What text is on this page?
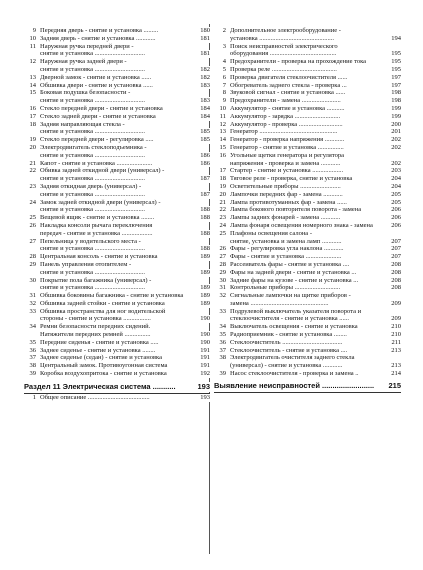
9 Передняя дверь - снятие и установка .........	180
10 Задняя дверь - снятие и установка ............	181
11 Наружная ручка передней двери -
снятие и установка ...............................	181
12 Наружная ручка задней двери -
снятие и установка ...............................	182
13 Дверной замок - снятие и установка ......	182
14 Обшивка двери - снятие и установка ......	183
15 Боковая подушка безопасности -
снятие и установка ...............................	183
16 Стекло передней двери - снятие и установка	184
17 Стекло задней двери - снятие и установка	184
18 Задняя направляющая стекла -
снятие и установка ...............................	185
19 Стекло передней двери - регулировка .....	185
20 Электродвигатель стеклоподъемника -
снятие и установка ...............................	186
21 Капот - снятие и установка ......................	186
22 Обивка задней откидной двери (универсал) -
снятие и установка ...............................	187
23 Задняя откидная дверь (универсал) -
снятие и установка ...............................	187
24 Замок задней откидной двери (универсал) -
снятие и установка ...............................	188
25 Вещевой ящик - снятие и установка ........	188
26 Накладка консоли рычага переключения
передач - снятие и установка ...................	188
27 Пепельница у водительского места -
снятие и установка ...............................	188
28 Центральная консоль - снятие и установка	189
29 Панель управления отопителем -
снятие и установка ...............................	189
30 Покрытие пола багажника (универсал) -
снятие и установка ...............................	189
31 Обшивка боковины багажника - снятие и установка	189
32 Обшивка задней стойки - снятие и установка	189
33 Обшивка пространства для ног водительской
стороны - снятие и установка .................	190
34 Ремни безопасности передних сидений.
Натяжители передних ремней ................	190
35 Передние сиденья - снятие и установка .....	190
36 Заднее сиденье - снятие и установка ........	191
37 Заднее сиденье (седан) - снятие и установка	191
38 Центральный замок. Противоугонная система	191
39 Коробка воздухопритока - снятие и установка	192
Раздел 11 Электрическая система ...........	193
1 Общее описание ......................................	193
2 Дополнительное электрооборудование -
установка ..............................................	194
3 Поиск неисправностей электрического
оборудования .........................................	195
4 Предохранители - проверка на прохождение тока	195
5 Проверка реле ........................................	195
6 Проверка двигателя стеклоочистителя ......	197
7 Обогреватель заднего стекла - проверка ...	197
8 Звуковой сигнал - снятие и установка ......	198
9 Предохранители - замена ........................	198
10 Аккумулятор - снятие и установка ...........	199
11 Аккумулятор - зарядка ............................	199
12 Аккумулятор - проверка ...........................	200
13 Генератор ................................................	201
14 Генератор - проверка напряжения ............	202
15 Генератор - снятие и установка ................	202
16 Угольные щетки генератора и регулятора
напряжения - проверка и замена ............	202
17 Стартер - снятие и установка ...................	203
18 Тяговое реле - проверка, снятие и установка	204
19 Осветительные приборы .........................	204
20 Лампочки передних фар - замена ............	205
21 Лампа противотуманных фар - замена ......	205
22 Лампа бокового повторителя поворота - замена	206
23 Лампы задних фонарей - замена ............	206
24 Лампа фонаря освещения номерного знака - замена	206
25 Плафоны освещения салона -
снятие, установка и замена ламп ............	207
26 Фары - регулировка угла наклона ............	207
27 Фары - снятие и установка ......................	207
28 Рассеиватель фары - снятие и установка ....	208
29 Фары на задней двери - снятие и установка ...	208
30 Задние фары на кузове - снятие и установка ...	208
31 Контрольные приборы ............................	208
32 Сигнальные лампочки на щитке приборов -
замена ................................................	209
33 Подрулевой выключатель указателя поворота и
стеклоочистителя - снятие и установка ......	209
34 Выключатель освещения - снятие и установка	210
35 Радиоприемник - снятие и установка ........	210
36 Стеклоочиститель .....................................	211
37 Стеклоочиститель - снятие и установка ....	213
38 Электродвигатель очистителя заднего стекла
(универсал) - снятие и установка ............	213
39 Насос стеклоочистителя - проверка и замена ..	214
Выявление неисправностей ......................... 215
